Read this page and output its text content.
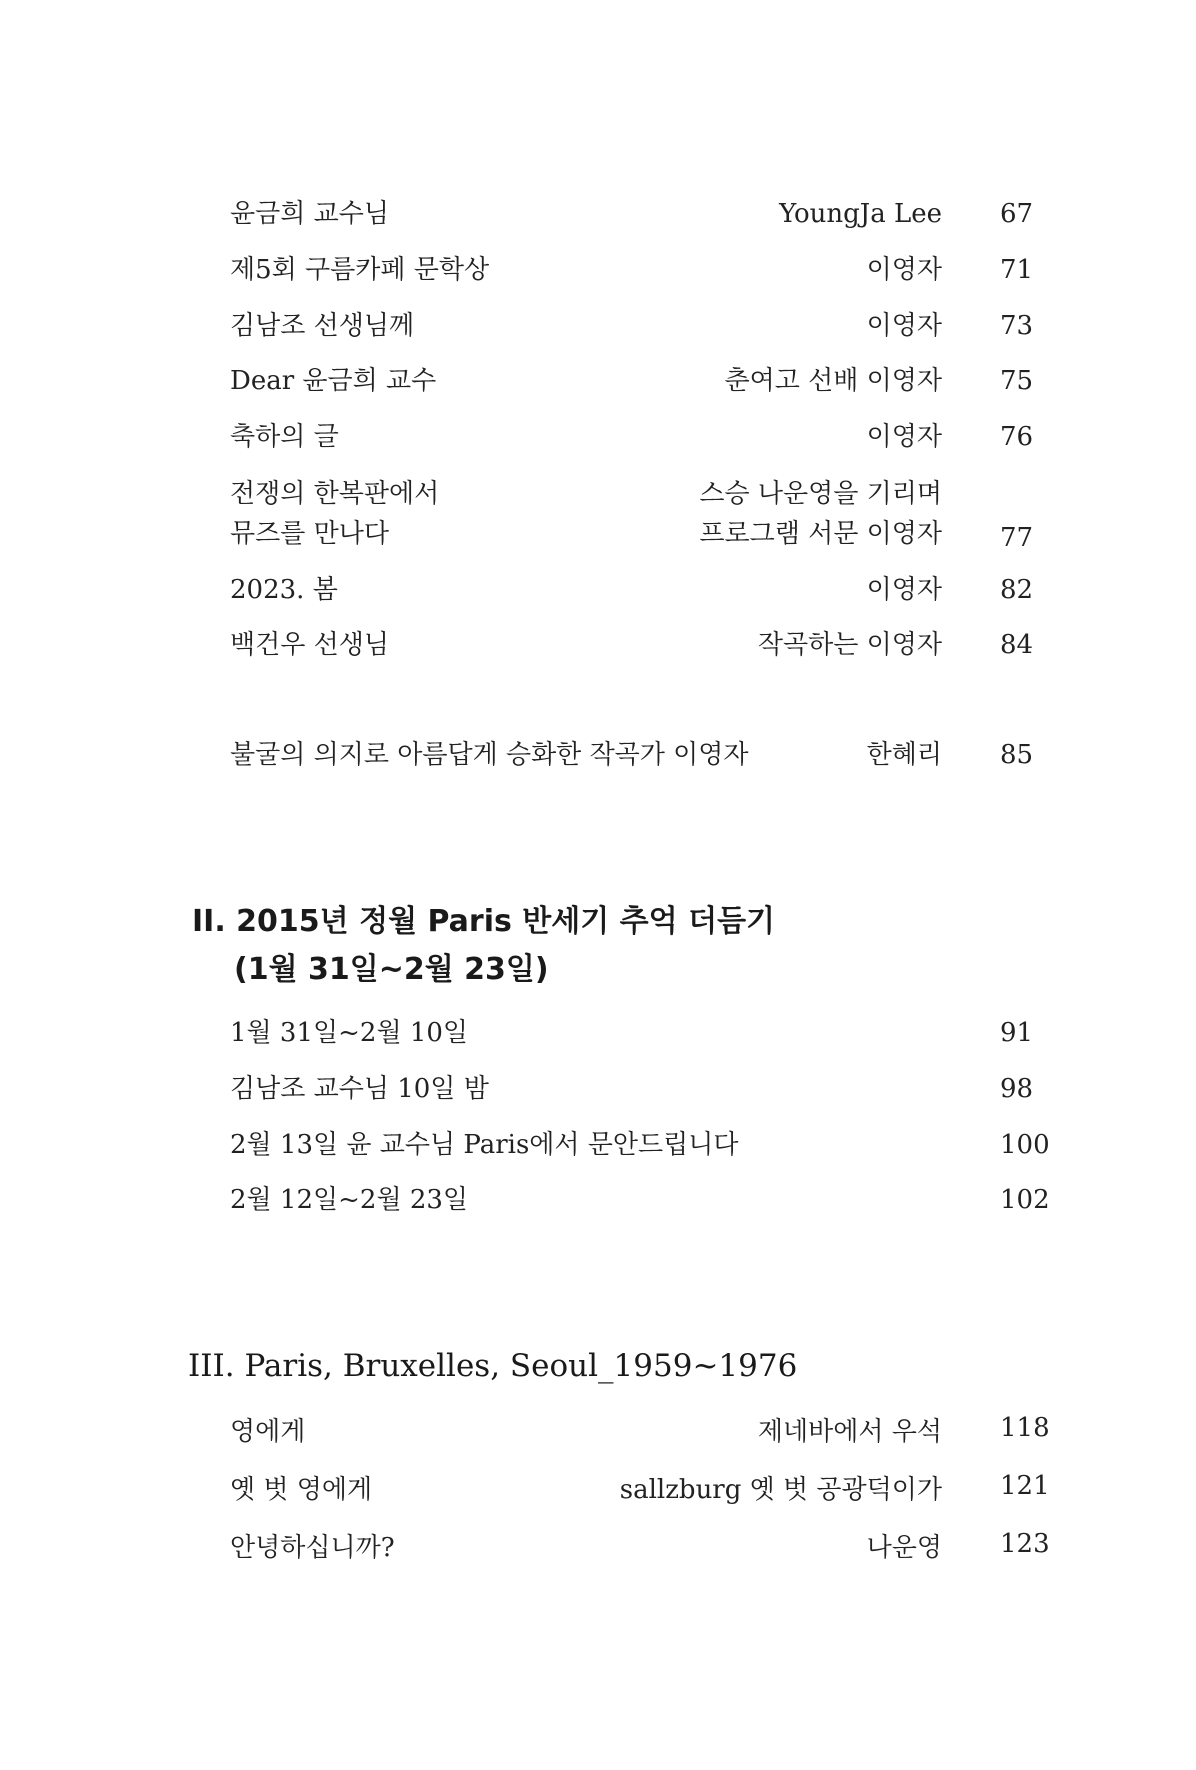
윤금희 교수님	YoungJa Lee 67
제5회 구름카페 문학상	이영자 71
김남조 선생님께	이영자 73
Dear 윤금희 교수	춘여고 선배 이영자 75
축하의 글	이영자 76
전쟁의 한복판에서	스승 나운영을 기리며
뮤즈를 만나다	프로그램 서문 이영자 77
2023. 봄	이영자 82
백건우 선생님	작곡하는 이영자 84
불굴의 의지로 아름답게 승화한 작곡가 이영자	한혜리 85
II. 2015년 정월 Paris 반세기 추억 더듬기
(1월 31일~2월 23일)
1월 31일~2월 10일	91
김남조 교수님 10일 밤	98
2월 13일 윤 교수님 Paris에서 문안드립니다	100
2월 12일~2월 23일	102
III. Paris, Bruxelles, Seoul_1959~1976
영에게	제네바에서 우석 118
옛 벗 영에게	sallzburg 옛 벗 공광덕이가 121
안녕하십니까?	나운영 123
